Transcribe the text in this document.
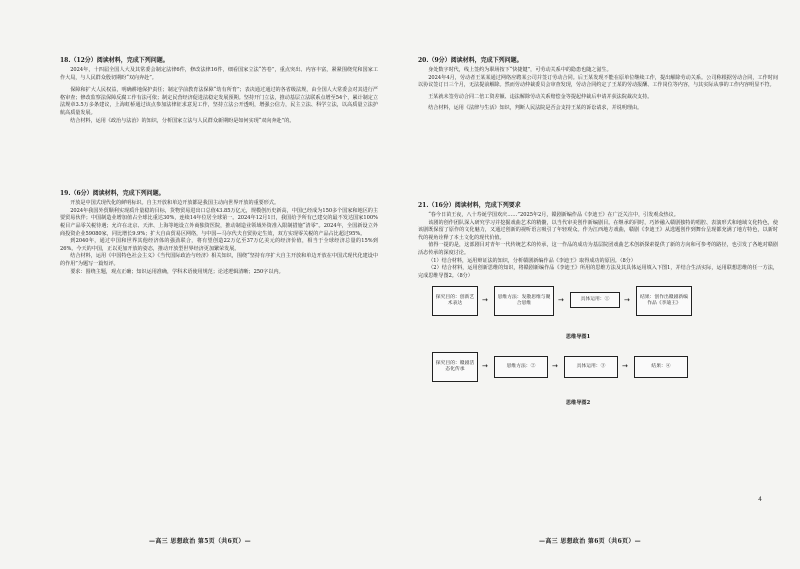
18.（12分）阅读材料，完成下列问题。

2024年，十四届全国人大及其常委会制定法律6件，修改法律16件，细看国家立法“答卷”，重点突出、内容丰富，紧紧围绕党和国家工作大局，与人民群众殷切期盼“双向奔赴”。

保障和扩大人民权益，明确耕地保护责任；制定学前教育法保障“幼有所育”；表决通过通过的各省级法规，由全国人大常委会对其进行严格审查；修改监察法保障反腐工作有法可依；制定民营经济促进法稳定发展预期。坚持开门立法，推动基层立法联系点增至54个，累计制定立法规章3.5万多条建议，上海虹桥通过该点参加法律征求意见工作，坚持立法公开透明，增强公信力，民主立法、科学立法，以高质量立法护航高质量发展。

结合材料，运用《政治与法治》的知识，分析国家立法与人民群众新期盼是如何实现“双向奔赴”的。

19.（6分）阅读材料，完成下列问题。

开放是中国式现代化的鲜明标识。自主开放和单边开放都是我国主动向世界开放的重要形式。

2024年我国外贸顺利实现质升量稳的目标，货物贸易进出口总值43.85万亿元，规模创历史新高，中国已经成为150多个国家和地区的主要贸易伙伴；中国制造业增加值占全球比重达30%，连续14年位居全球第一。2024年12月1日，我国给予所有已建交的最不发达国家100%税目产品零关税待遇；允许在北京、天津、上海等地设立外商独资医院，推动制造业领域外资准入限制措施“清零”。2024年，全国新设立外商投资企业59080家，同比增长9.9%；扩大自由贸易区网络，与中国—马尔代夫自贸协定生效，双方实现零关税的产品占比超过95%。

到2040年，通过中国和世界其他经济体的强劲联合，将有望创造22万亿至37万亿美元的经济价值，相当于全球经济总量的15%到26%。今天的中国，正以更加开放的姿态，推动开放型世界经济更加繁荣发展。

结合材料，运用《中国特色社会主义》《当代国际政治与经济》相关知识，围绕“坚持有序扩大自主开放和单边开放在中国式现代化建设中的作用”为题写一篇短评。

要求：围绕主题，观点正确；知识运用准确，学科术语使用规范；论述逻辑清晰；250字以内。

—高三 思想政治 第5页（共6页）—
20.（9分）阅读材料，完成下列问题。

身处数字时代，线上签约为职场按下“快捷键”，可劳动关系中的隐患也随之滋生。

2024年4月，劳动者王某某通过网络应聘某公司并签订劳动合同。后王某发现不能在原单位继续工作，提出解除劳动关系。公司称根据劳动合同，工作时间以协议签订日三个月，无法提前解除。然而劳动仲裁委员会审查发现，劳动合同约定了王某的劳动报酬、工作岗位等内容，与其实际从事的工作内容明显不符。

王某就未签劳动合同二倍工资差额、违法解除劳动关系赔偿金等提起仲裁后申请并获法院裁决支持。

结合材料，运用《法律与生活》知识，判断人民法院是否会支持王某的诉讼请求，并说明理由。

21.（16分）阅读材料，完成下列要求

“春今日苗王夜，八十寿诞学国欢庆……”2025年2月，赣剧新编作品《李迪王》在广泛关注中，引发观众热议。

该剧的创作团队深入研究学习并挖掘戏曲艺术的精髓，以当代审美创作新编剧目。在继承的同时，巧妙融入赣剧独特的唱腔、表演形式和地域文化特色，使该剧既保留了原作的文化魅力，又通过创新的视听语言吸引了年轻观众。作为江西地方戏曲，赣剧《李迪王》从选题创作到舞台呈现都充满了地方特色，以新时代的视角诠释了本土文化的现代价值。

值得一提的是，这部剧目对青年一代传统艺术的传承，这一作品的成功为基层院团戏曲艺术创新探索提供了新的方向和可参考的路径，也引发了各地对赣剧活态传承的深度讨论。

（1）结合材料，运用辩证法的知识，分析赣剧新编作品《李迪王》取得成功的原因。（8分）

（2）结合材料，运用创新思维的知识，将赣剧新编作品《李迪王》所用的思维方法及其具体运用填入下图1，并结合生活实际，运用联想思维的任一方法，完成思维导图2。（8分）

探究目的：创新艺术表达	→	思维方法：发散思维与聚合思维	→	具体运用：①	→	结果：创作出赣剧新编作品《李迪王》
思维导图1
探究目的：赣剧活态化传承	→	思维方法：②	→	具体运用：③	→	结果：④
思维导图2
—高三 思想政治 第6页（共6页）—
4
